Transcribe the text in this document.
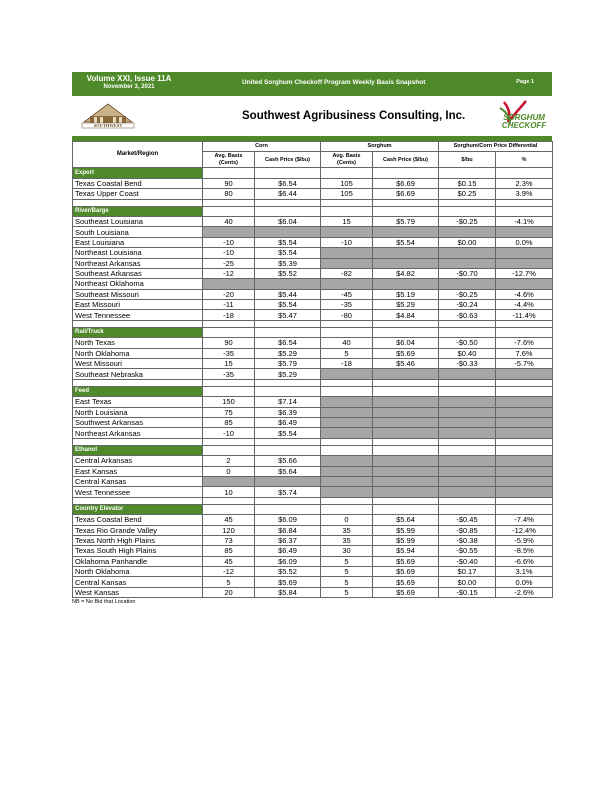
Volume XXI, Issue 11A
November 3, 2021
United Sorghum Checkoff Program Weekly Basis Snapshot	Page 1
SOUTHWEST
Southwest Agribusiness Consulting, Inc.	SORGHUM
CHECKOFF
Market/Region	Corn		Sorghum		Sorghum/Corn Price Differential	
	Avg. Basis (Cents)	Cash Price ($/bu)	Avg. Basis (Cents)	Cash Price ($/bu)	$/bu	%
Export						
Texas Coastal Bend	90	$6.54	105	$6.69	$0.15	2.3%
Texas Upper Coast	80	$6.44	105	$6.69	$0.25	3.9%

River/Barge						
Southeast Louisiana	40	$6.04	15	$5.79	-$0.25	-4.1%
South Louisiana						
East Louisiana	-10	$5.54	-10	$5.54	$0.00	0.0%
Northeast Louisiana	-10	$5.54				
Northeast Arkansas	-25	$5.39				
Southeast Arkansas	-12	$5.52	-82	$4.82	-$0.70	-12.7%
Northeast Oklahoma						
Southeast Missouri	-20	$5.44	-45	$5.19	-$0.25	-4.6%
East Missouri	-11	$5.54	-35	$5.29	-$0.24	-4.4%
West Tennessee	-18	$5.47	-80	$4.84	-$0.63	-11.4%

Rail/Truck						
North Texas	90	$6.54	40	$6.04	-$0.50	-7.6%
North Oklahoma	-35	$5.29	5	$5.69	$0.40	7.6%
West Missouri	15	$5.79	-18	$5.46	-$0.33	-5.7%
Southeast Nebraska	-35	$5.29				

Feed						
East Texas	150	$7.14				
North Louisiana	75	$6.39				
Southwest Arkansas	85	$6.49				
Northeast Arkansas	-10	$5.54				

Ethanol						
Central Arkansas	2	$5.66				
East Kansas	0	$5.64				
Central Kansas						
West Tennessee	10	$5.74				

Country Elevator						
Texas Coastal Bend	45	$6.09	0	$5.64	-$0.45	-7.4%
Texas Rio Grande Valley	120	$6.84	35	$5.99	-$0.85	-12.4%
Texas North High Plains	73	$6.37	35	$5.99	-$0.38	-5.9%
Texas South High Plains	85	$6.49	30	$5.94	-$0.55	-8.5%
Oklahoma Panhandle	45	$6.09	5	$5.69	-$0.40	-6.6%
North Oklahoma	-12	$5.52	5	$5.69	$0.17	3.1%
Central Kansas	5	$5.69	5	$5.69	$0.00	0.0%
West Kansas	20	$5.84	5	$5.69	-$0.15	-2.6%
NB = No Bid that Location
